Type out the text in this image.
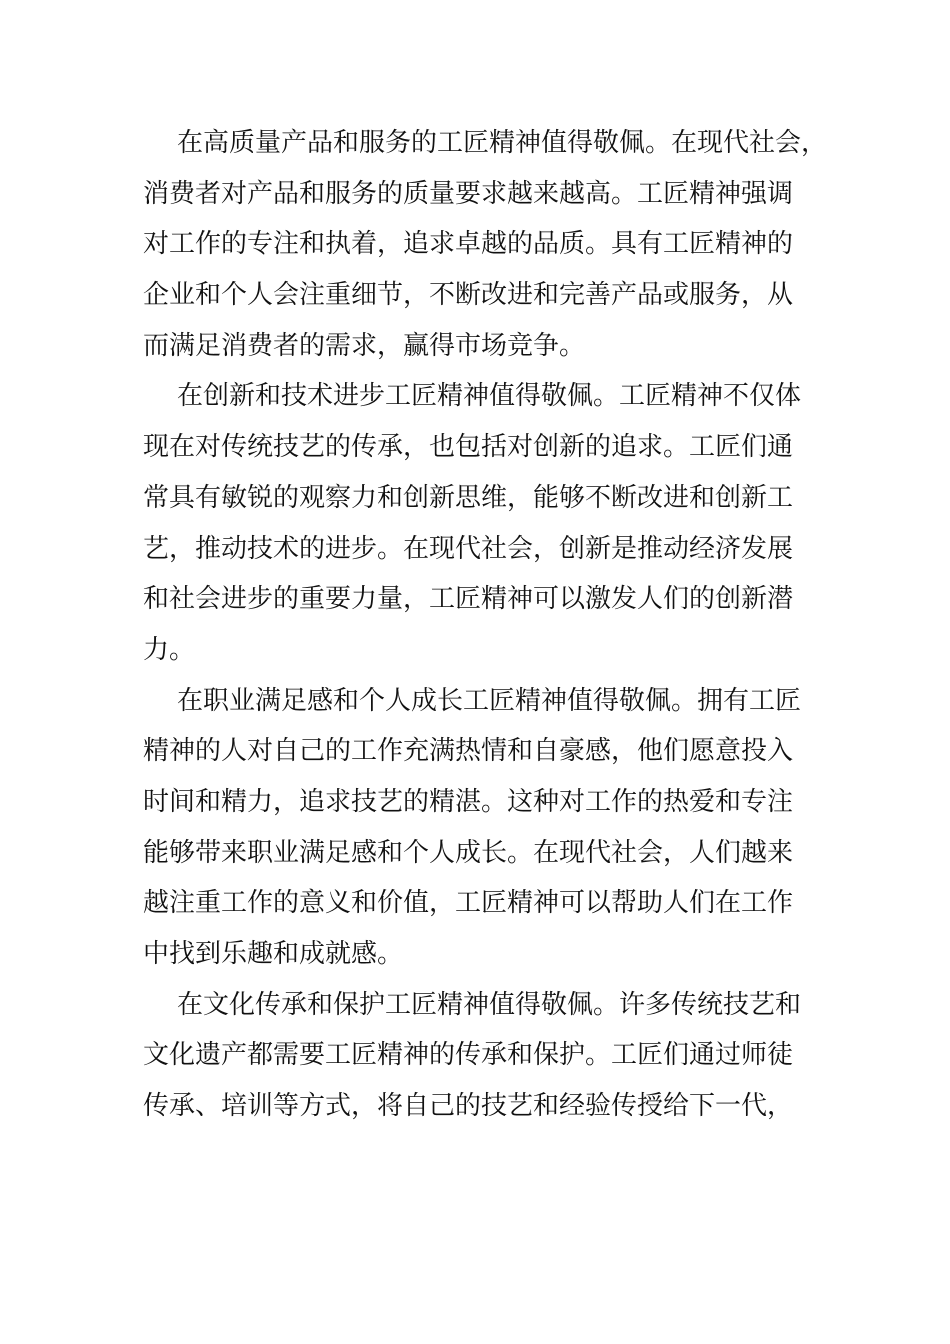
在高质量产品和服务的工匠精神值得敬佩。在现代社会，
消费者对产品和服务的质量要求越来越高。工匠精神强调
对工作的专注和执着，追求卓越的品质。具有工匠精神的
企业和个人会注重细节，不断改进和完善产品或服务，从
而满足消费者的需求，赢得市场竞争。
在创新和技术进步工匠精神值得敬佩。工匠精神不仅体
现在对传统技艺的传承，也包括对创新的追求。工匠们通
常具有敏锐的观察力和创新思维，能够不断改进和创新工
艺，推动技术的进步。在现代社会，创新是推动经济发展
和社会进步的重要力量，工匠精神可以激发人们的创新潜
力。
在职业满足感和个人成长工匠精神值得敬佩。拥有工匠
精神的人对自己的工作充满热情和自豪感，他们愿意投入
时间和精力，追求技艺的精湛。这种对工作的热爱和专注
能够带来职业满足感和个人成长。在现代社会，人们越来
越注重工作的意义和价值，工匠精神可以帮助人们在工作
中找到乐趣和成就感。
在文化传承和保护工匠精神值得敬佩。许多传统技艺和
文化遗产都需要工匠精神的传承和保护。工匠们通过师徒
传承、培训等方式，将自己的技艺和经验传授给下一代，
